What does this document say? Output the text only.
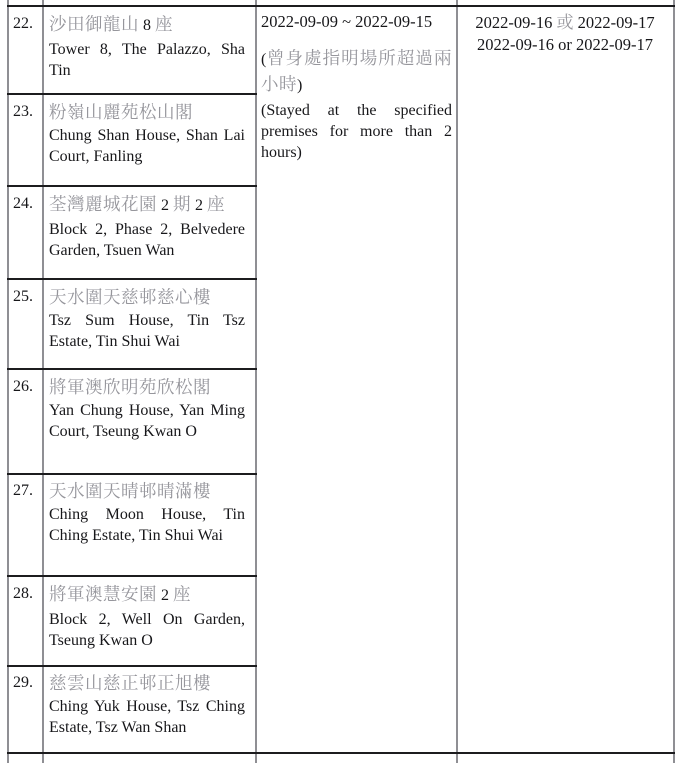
22. 沙田御龍山 8 座
Tower 8, The Palazzo, Sha Tin
23. 粉嶺山麗苑松山閣
Chung Shan House, Shan Lai Court, Fanling
24. 荃灣麗城花園 2 期 2 座
Block 2, Phase 2, Belvedere Garden, Tsuen Wan
25. 天水圍天慈邨慈心樓
Tsz Sum House, Tin Tsz Estate, Tin Shui Wai
26. 將軍澳欣明苑欣松閣
Yan Chung House, Yan Ming Court, Tseung Kwan O
27. 天水圍天晴邨晴滿樓
Ching Moon House, Tin Ching Estate, Tin Shui Wai
28. 將軍澳慧安園 2 座
Block 2, Well On Garden, Tseung Kwan O
29. 慈雲山慈正邨正旭樓
Ching Yuk House, Tsz Ching Estate, Tsz Wan Shan
2022-09-09 ~ 2022-09-15
(曾身處指明場所超過兩小時)
(Stayed at the specified premises for more than 2 hours)
2022-09-16 或 2022-09-17
2022-09-16 or 2022-09-17
